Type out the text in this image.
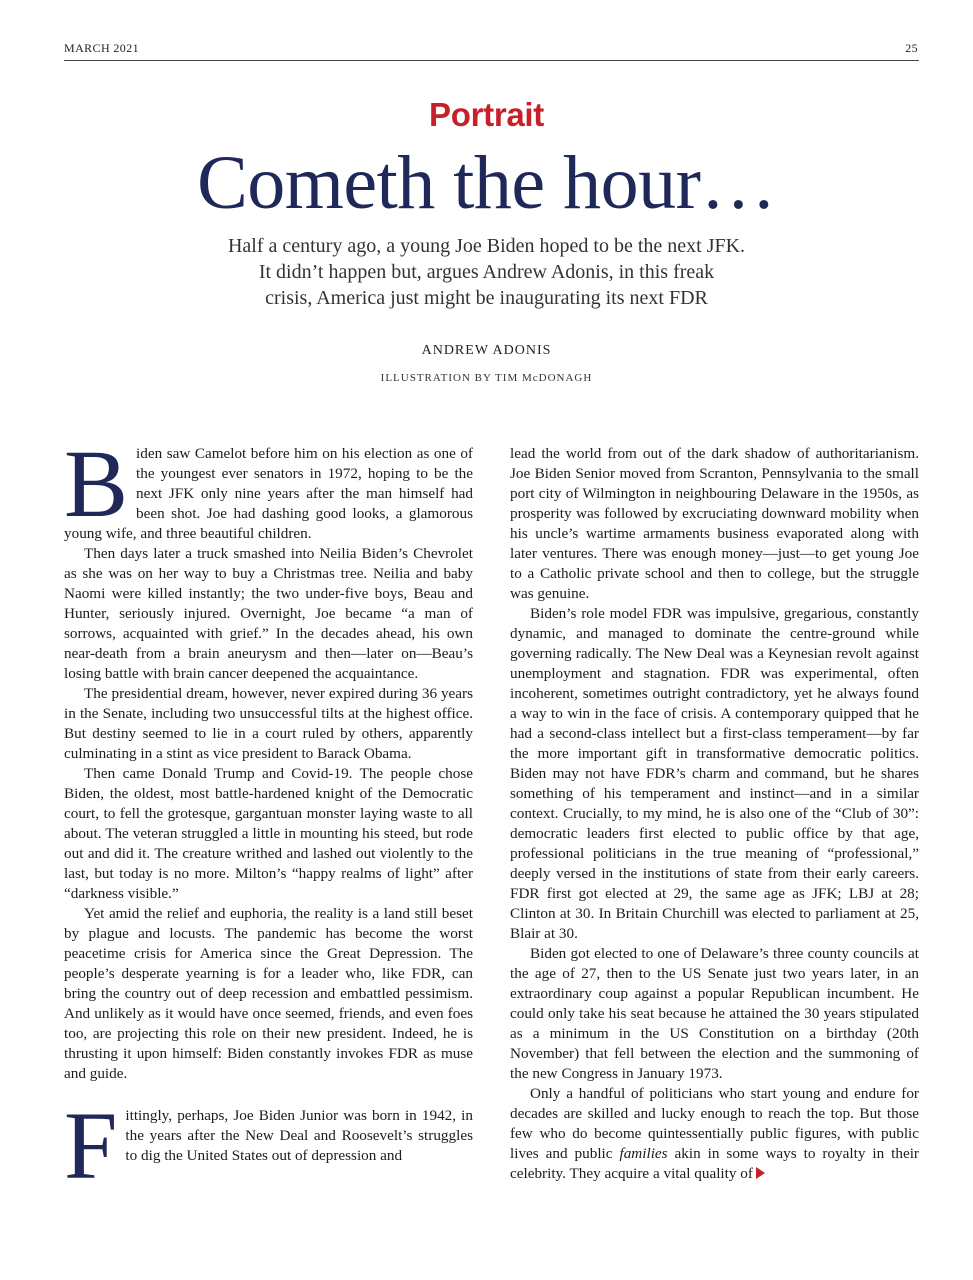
MARCH 2021	25
Portrait
Cometh the hour…
Half a century ago, a young Joe Biden hoped to be the next JFK.
It didn’t happen but, argues Andrew Adonis, in this freak
crisis, America just might be inaugurating its next FDR
ANDREW ADONIS
ILLUSTRATION BY TIM McDONAGH

Biden saw Camelot before him on his election as one of the youngest ever senators in 1972, hoping to be the next JFK only nine years after the man himself had been shot. Joe had dashing good looks, a glamorous young wife, and three beautiful children.

Then days later a truck smashed into Neilia Biden’s Chevrolet as she was on her way to buy a Christmas tree. Neilia and baby Naomi were killed instantly; the two under-five boys, Beau and Hunter, seriously injured. Overnight, Joe became “a man of sorrows, acquainted with grief.” In the decades ahead, his own near-death from a brain aneurysm and then—later on—Beau’s losing battle with brain cancer deepened the acquaintance.

The presidential dream, however, never expired during 36 years in the Senate, including two unsuccessful tilts at the highest office. But destiny seemed to lie in a court ruled by others, apparently culminating in a stint as vice president to Barack Obama.

Then came Donald Trump and Covid-19. The people chose Biden, the oldest, most battle-hardened knight of the Democratic court, to fell the grotesque, gargantuan monster laying waste to all about. The veteran struggled a little in mounting his steed, but rode out and did it. The creature writhed and lashed out violently to the last, but today is no more. Milton’s “happy realms of light” after “darkness visible.”

Yet amid the relief and euphoria, the reality is a land still beset by plague and locusts. The pandemic has become the worst peacetime crisis for America since the Great Depression. The people’s desperate yearning is for a leader who, like FDR, can bring the country out of deep recession and embattled pessimism. And unlikely as it would have once seemed, friends, and even foes too, are projecting this role on their new president. Indeed, he is thrusting it upon himself: Biden constantly invokes FDR as muse and guide.

Fittingly, perhaps, Joe Biden Junior was born in 1942, in the years after the New Deal and Roosevelt’s struggles to dig the United States out of depression and

lead the world from out of the dark shadow of authoritarianism. Joe Biden Senior moved from Scranton, Pennsylvania to the small port city of Wilmington in neighbouring Delaware in the 1950s, as prosperity was followed by excruciating downward mobility when his uncle’s wartime armaments business evaporated along with later ventures. There was enough money—just—to get young Joe to a Catholic private school and then to college, but the struggle was genuine.

Biden’s role model FDR was impulsive, gregarious, constantly dynamic, and managed to dominate the centre-ground while governing radically. The New Deal was a Keynesian revolt against unemployment and stagnation. FDR was experimental, often incoherent, sometimes outright contradictory, yet he always found a way to win in the face of crisis. A contemporary quipped that he had a second-class intellect but a first-class temperament—by far the more important gift in transformative democratic politics. Biden may not have FDR’s charm and command, but he shares something of his temperament and instinct—and in a similar context. Crucially, to my mind, he is also one of the “Club of 30”: democratic leaders first elected to public office by that age, professional politicians in the true meaning of “professional,” deeply versed in the institutions of state from their early careers. FDR first got elected at 29, the same age as JFK; LBJ at 28; Clinton at 30. In Britain Churchill was elected to parliament at 25, Blair at 30.

Biden got elected to one of Delaware’s three county councils at the age of 27, then to the US Senate just two years later, in an extraordinary coup against a popular Republican incumbent. He could only take his seat because he attained the 30 years stipulated as a minimum in the US Constitution on a birthday (20th November) that fell between the election and the summoning of the new Congress in January 1973.

Only a handful of politicians who start young and endure for decades are skilled and lucky enough to reach the top. But those few who do become quintessentially public figures, with public lives and public families akin in some ways to royalty in their celebrity. They acquire a vital quality of
